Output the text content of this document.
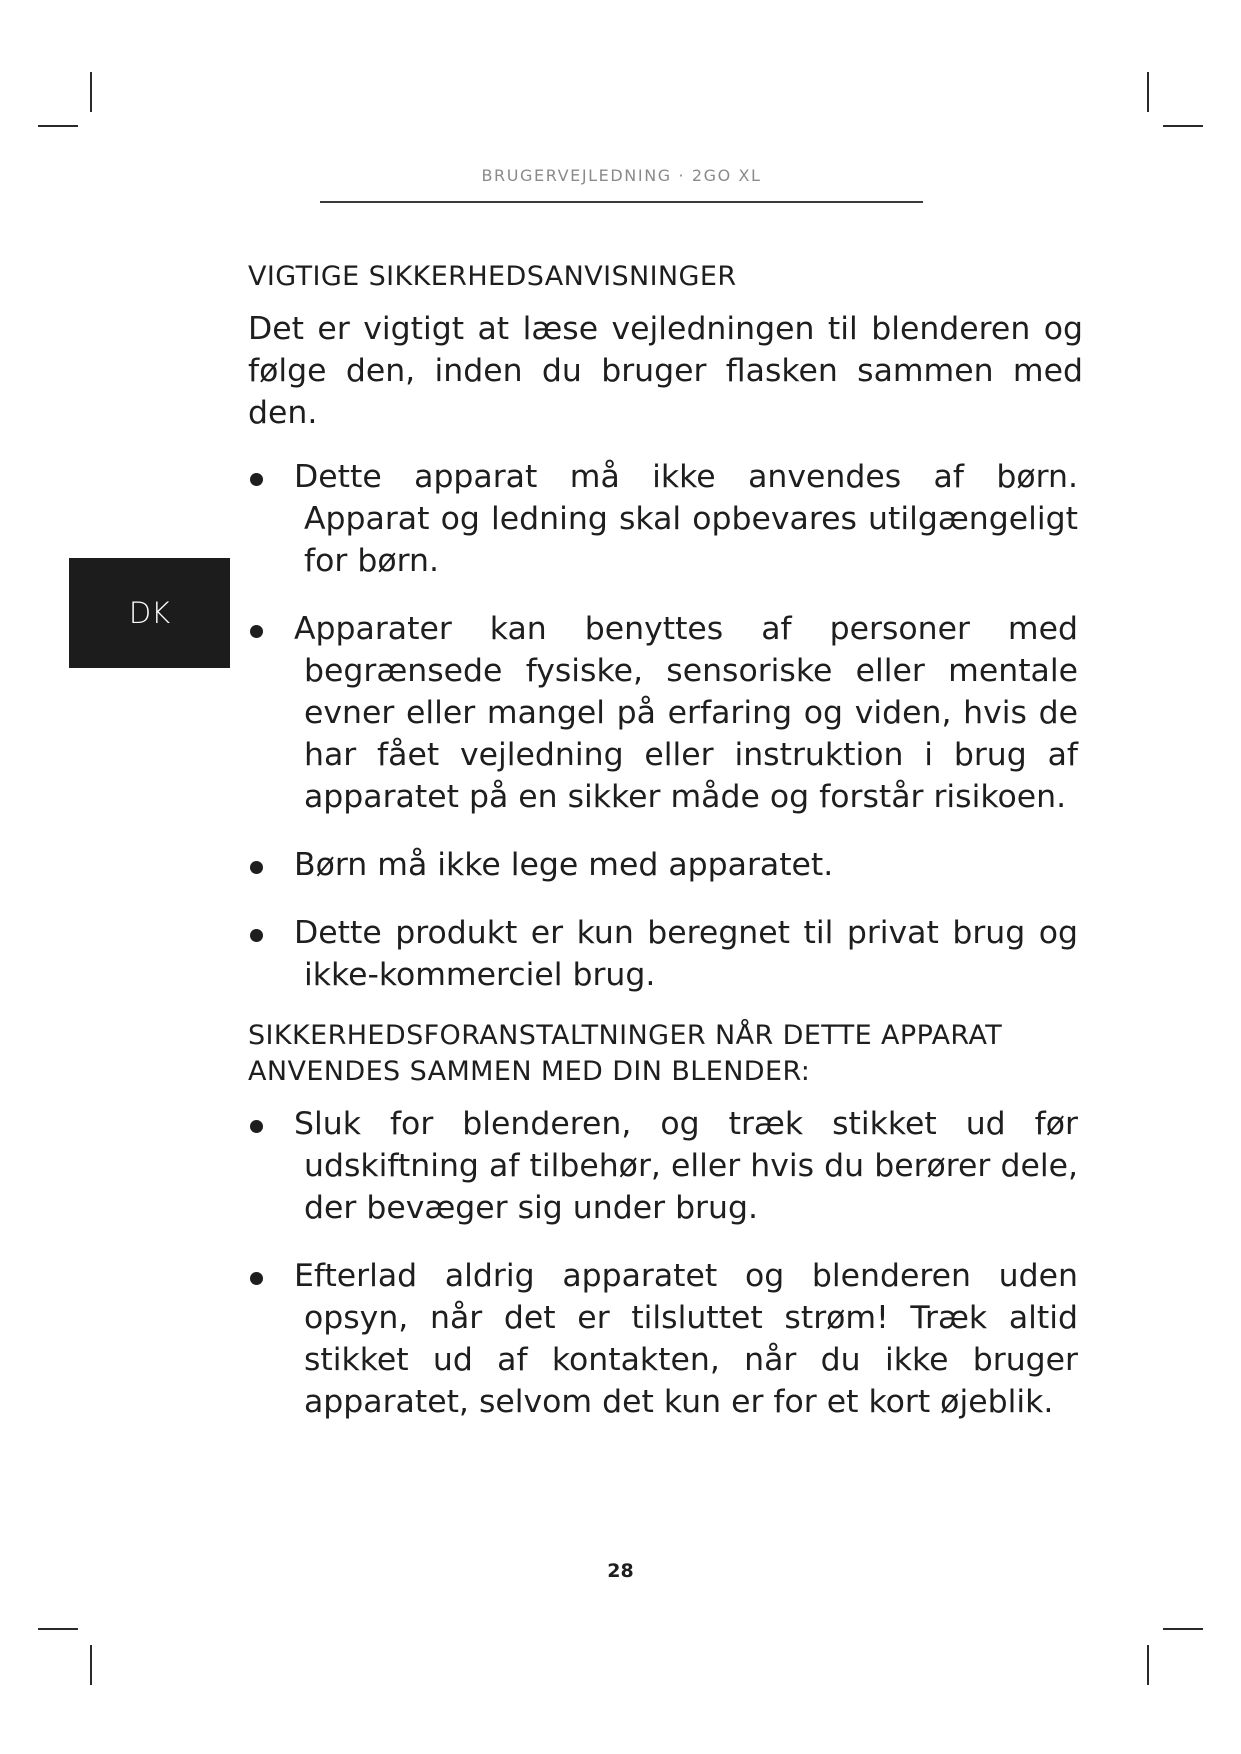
BRUGERVEJLEDNING · 2GO XL
DK
VIGTIGE SIKKERHEDSANVISNINGER

Det er vigtigt at læse vejledningen til blenderen og følge den, inden du bruger flasken sammen med den.

Dette apparat må ikke anvendes af børn. Apparat og ledning skal opbevares utilgængeligt for børn.
Apparater kan benyttes af personer med begrænsede fysiske, sensoriske eller mentale evner eller mangel på erfaring og viden, hvis de har fået vejledning eller instruktion i brug af apparatet på en sikker måde og forstår risikoen.
Børn må ikke lege med apparatet.
Dette produkt er kun beregnet til privat brug og ikke-kommerciel brug.
SIKKERHEDSFORANSTALTNINGER NÅR DETTE APPARAT ANVENDES SAMMEN MED DIN BLENDER:
Sluk for blenderen, og træk stikket ud før udskiftning af tilbehør, eller hvis du berører dele, der bevæger sig under brug.
Efterlad aldrig apparatet og blenderen uden opsyn, når det er tilsluttet strøm! Træk altid stikket ud af kontakten, når du ikke bruger apparatet, selvom det kun er for et kort øjeblik.
28
